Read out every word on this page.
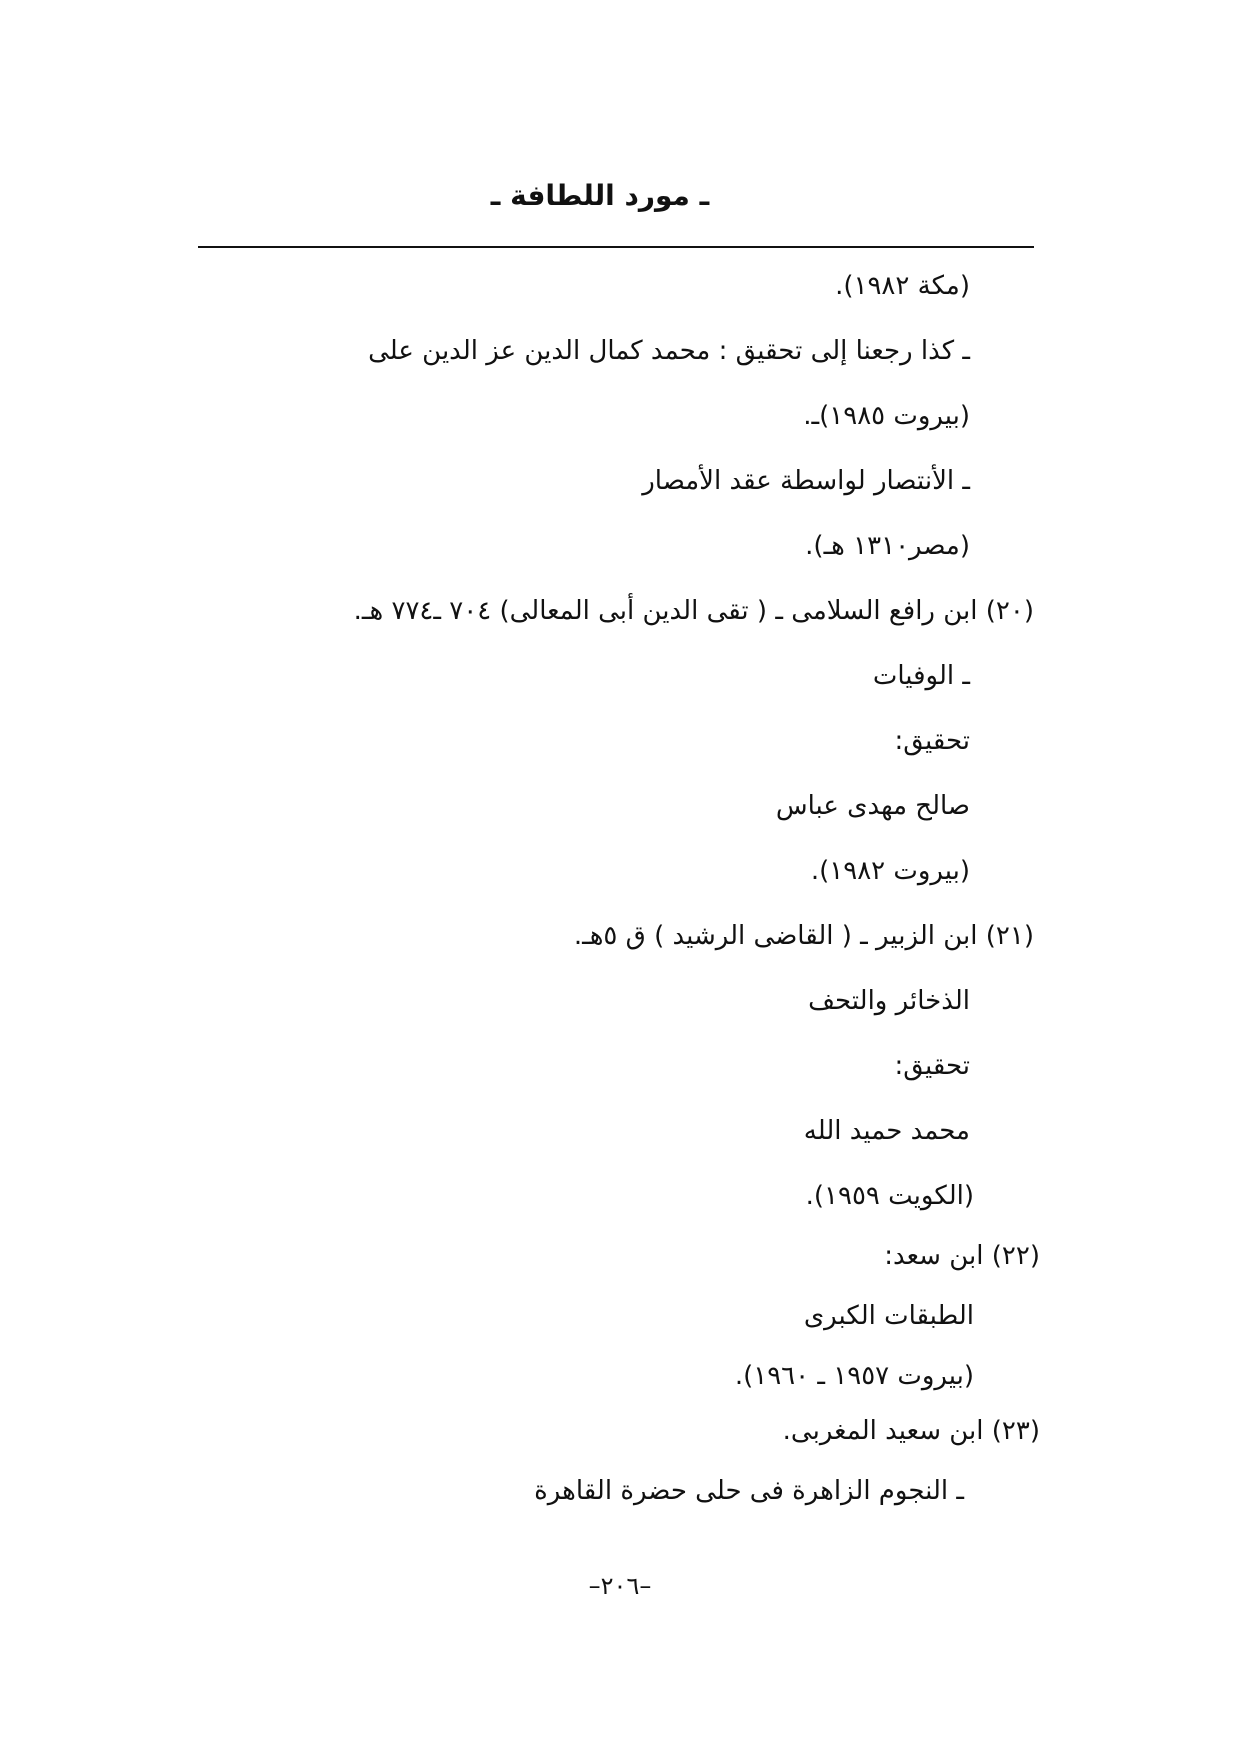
ـ مورد اللطافة ـ
(مكة ١٩٨٢).
ـ كذا رجعنا إلى تحقيق : محمد كمال الدين عز الدين على
(بيروت ١٩٨٥)ـ.
ـ الأنتصار لواسطة عقد الأمصار
(مصر١٣١٠ هـ).
(٢٠) ابن رافع السلامى ـ ( تقى الدين أبى المعالى) ٧٠٤ ـ٧٧٤ هـ.
ـ الوفيات
تحقيق:
صالح مهدى عباس
(بيروت ١٩٨٢).
(٢١) ابن الزبير ـ ( القاضى الرشيد ) ق ٥هـ.
الذخائر والتحف
تحقيق:
محمد حميد الله
(الكويت ١٩٥٩).
(٢٢) ابن سعد:
الطبقات الكبرى
(بيروت ١٩٥٧ ـ ١٩٦٠).
(٢٣) ابن سعيد المغربى.
ـ النجوم الزاهرة فى حلى حضرة القاهرة
–٢٠٦–
